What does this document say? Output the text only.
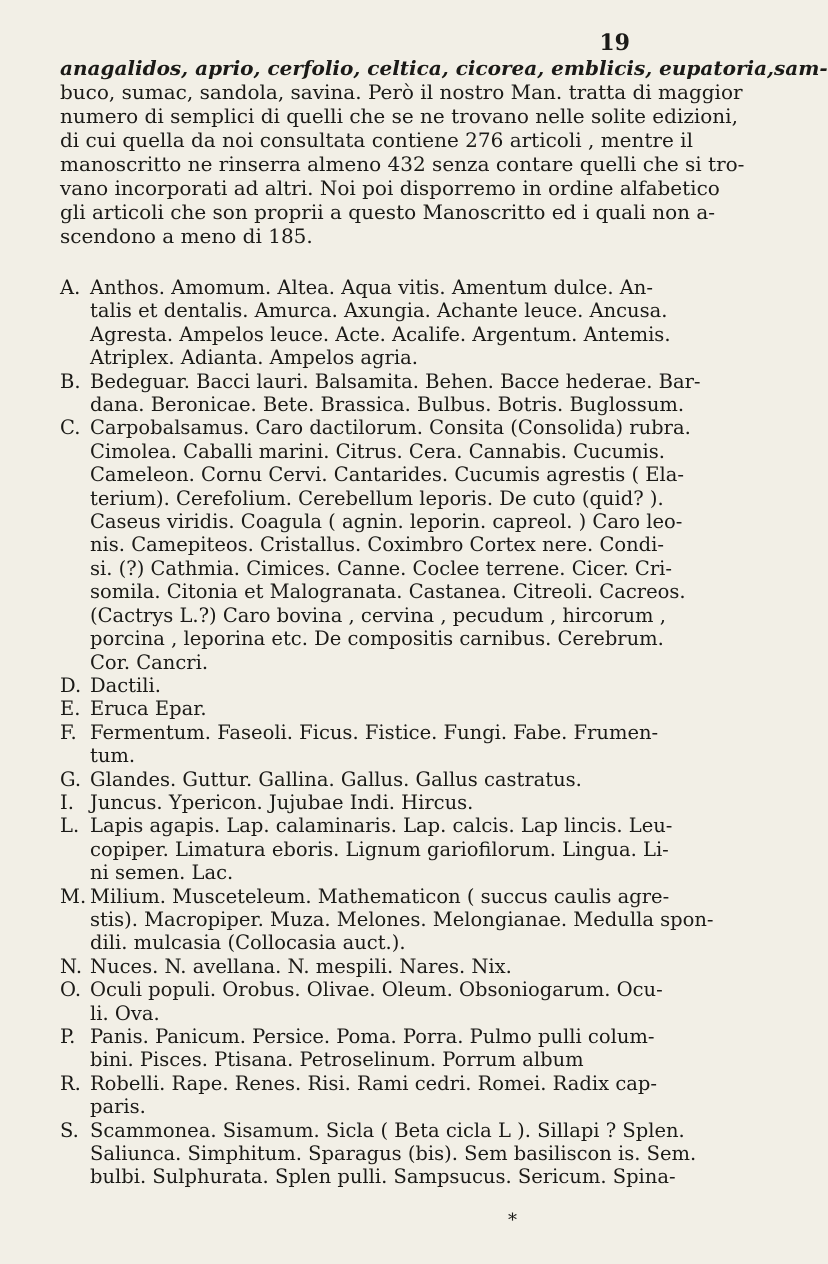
19
anagalidos, aprio, cerfolio, celtica, cicorea, emblicis, eupatoria,sam-
buco, sumac, sandola, savina. Però il nostro Man. tratta di maggior
numero di semplici di quelli che se ne trovano nelle solite edizioni,
di cui quella da noi consultata contiene 276 articoli , mentre il
manoscritto ne rinserra almeno 432 senza contare quelli che si tro-
vano incorporati ad altri. Noi poi disporremo in ordine alfabetico
gli articoli che son proprii a questo Manoscritto ed i quali non a-
scendono a meno di 185.
A. Anthos. Amomum. Altea. Aqua vitis. Amentum dulce. An-
talis et dentalis. Amurca. Axungia. Achante leuce. Ancusa.
Agresta. Ampelos leuce. Acte. Acalife. Argentum. Antemis.
Atriplex. Adianta. Ampelos agria.
B. Bedeguar. Bacci lauri. Balsamita. Behen. Bacce hederae. Bar-
dana. Beronicae. Bete. Brassica. Bulbus. Botris. Buglossum.
C. Carpobalsamus. Caro dactilorum. Consita (Consolida) rubra.
Cimolea. Caballi marini. Citrus. Cera. Cannabis. Cucumis.
Cameleon. Cornu Cervi. Cantarides. Cucumis agrestis ( Ela-
terium). Cerefolium. Cerebellum leporis. De cuto (quid? ).
Caseus viridis. Coagula ( agnin. leporin. capreol. ) Caro leo-
nis. Camepiteos. Cristallus. Coximbro Cortex nere. Condi-
si. (?) Cathmia. Cimices. Canne. Coclee terrene. Cicer. Cri-
somila. Citonia et Malogranata. Castanea. Citreoli. Cacreos.
(Cactrys L.?) Caro bovina , cervina , pecudum , hircorum ,
porcina , leporina etc. De compositis carnibus. Cerebrum.
Cor. Cancri.
D. Dactili.
E. Eruca Epar.
F. Fermentum. Faseoli. Ficus. Fistice. Fungi. Fabe. Frumen-
tum.
G. Glandes. Guttur. Gallina. Gallus. Gallus castratus.
I. Juncus. Ypericon. Jujubae Indi. Hircus.
L. Lapis agapis. Lap. calaminaris. Lap. calcis. Lap lincis. Leu-
copiper. Limatura eboris. Lignum gariofilorum. Lingua. Li-
ni semen. Lac.
M. Milium. Musceteleum. Mathematicon ( succus caulis agre-
stis). Macropiper. Muza. Melones. Melongianae. Medulla spon-
dili. mulcasia (Collocasia auct.).
N. Nuces. N. avellana. N. mespili. Nares. Nix.
O. Oculi populi. Orobus. Olivae. Oleum. Obsoniogarum. Ocu-
li. Ova.
P. Panis. Panicum. Persice. Poma. Porra. Pulmo pulli colum-
bini. Pisces. Ptisana. Petroselinum. Porrum album
R. Robelli. Rape. Renes. Risi. Rami cedri. Romei. Radix cap-
paris.
S. Scammonea. Sisamum. Sicla ( Beta cicla L ). Sillapi ? Splen.
Saliunca. Simphitum. Sparagus (bis). Sem basiliscon is. Sem.
bulbi. Sulphurata. Splen pulli. Sampsucus. Sericum. Spina-
*
